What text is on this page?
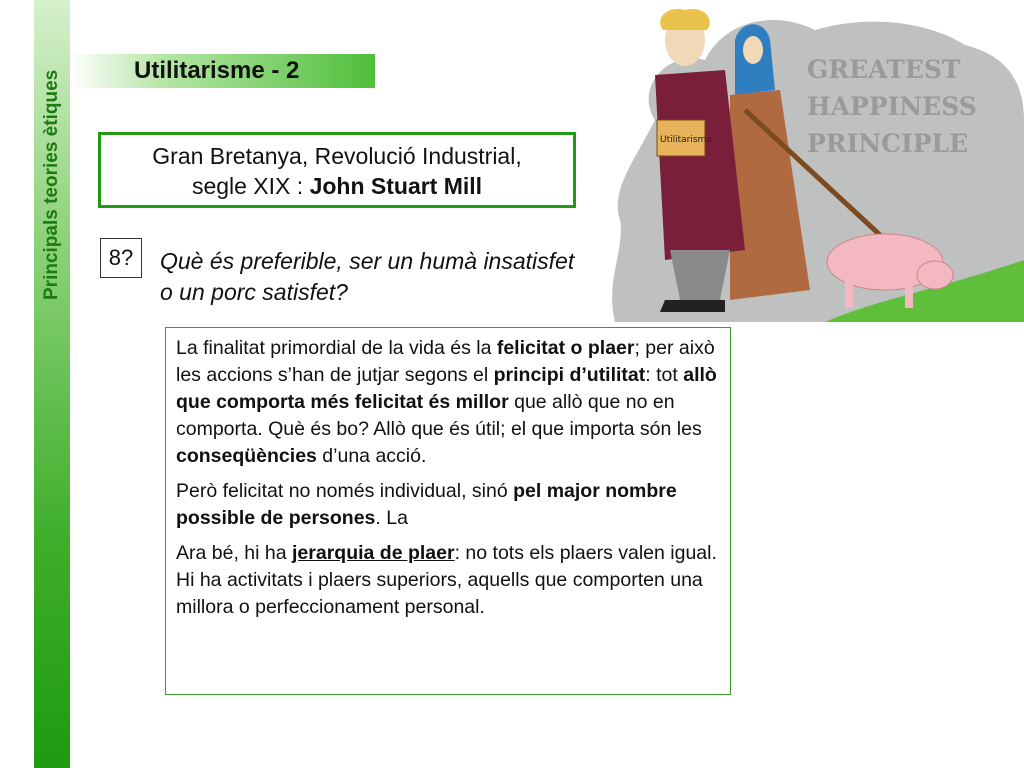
Principals teories ètiques	Utilitarisme - 2
Gran Bretanya, Revolució Industrial,
segle XIX : John Stuart Mill
8?	Què és preferible, ser un humà insatisfet
o un porc satisfet?
GREATEST
HAPPINESS
PRINCIPLE
Utilitarisme

La finalitat primordial de la vida és la felicitat o plaer; per això les accions s’han de jutjar segons el principi d’utilitat: tot allò que comporta més felicitat és millor que allò que no en comporta. Què és bo? Allò que és útil; el que importa són les conseqüències d’una acció.

Però felicitat no només individual, sinó pel major nombre possible de persones. La

Ara bé, hi ha jerarquia de plaer: no tots els plaers valen igual. Hi ha activitats i plaers superiors, aquells que comporten una millora o perfeccionament personal.
